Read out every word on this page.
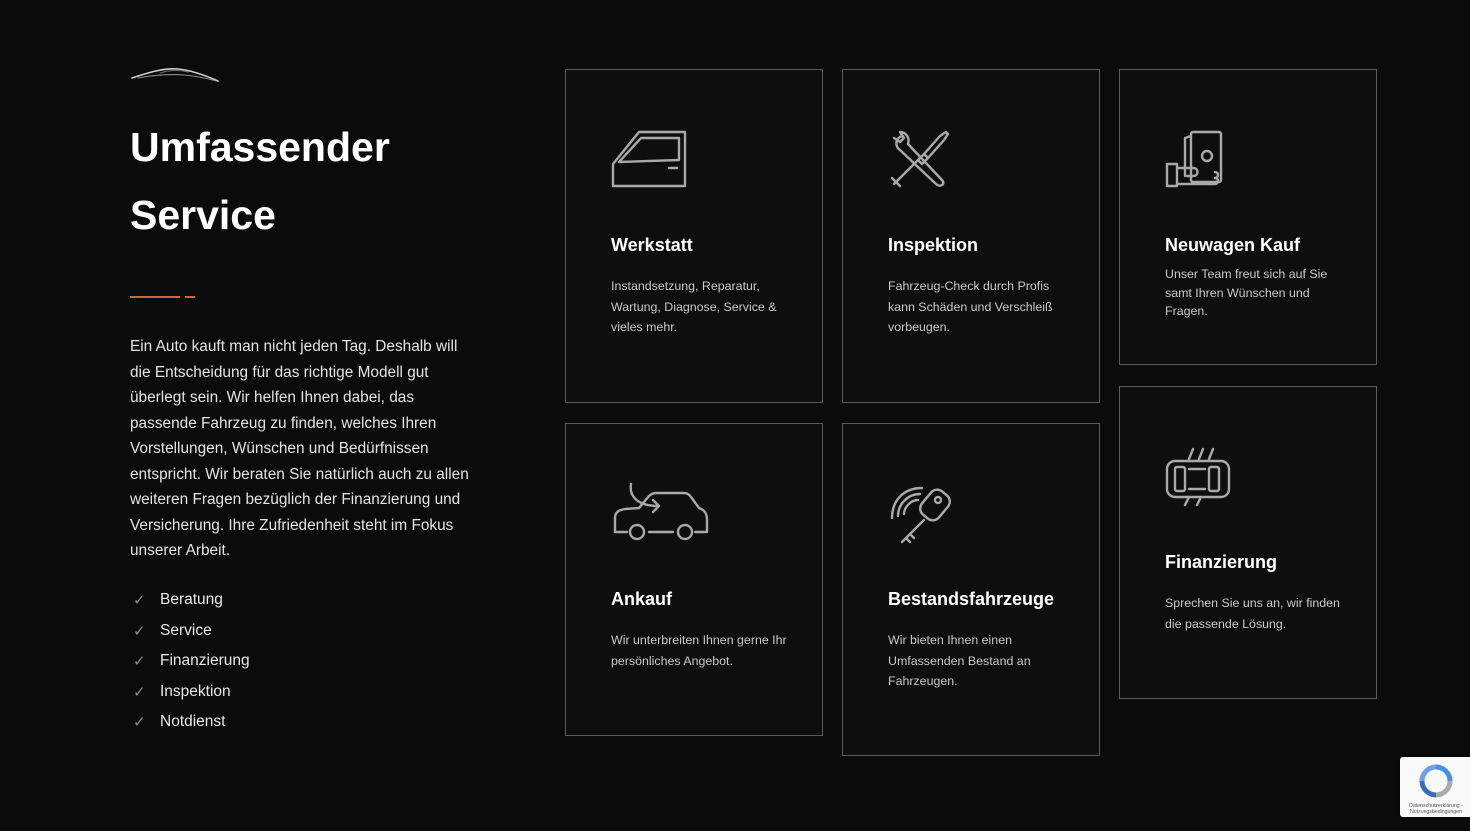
Umfassender
Service

Ein Auto kauft man nicht jeden Tag. Deshalb will die Entscheidung für das richtige Modell gut überlegt sein. Wir helfen Ihnen dabei, das passende Fahrzeug zu finden, welches Ihren Vorstellungen, Wünschen und Bedürfnissen entspricht. Wir beraten Sie natürlich auch zu allen weiteren Fragen bezüglich der Finanzierung und Versicherung. Ihre Zufriedenheit steht im Fokus unserer Arbeit.

✓ Beratung
✓ Service
✓ Finanzierung
✓ Inspektion
✓ Notdienst
Werkstatt

Instandsetzung, Reparatur, Wartung, Diagnose, Service & vieles mehr.

Inspektion

Fahrzeug-Check durch Profis kann Schäden und Verschleiß vorbeugen.

Neuwagen Kauf

Unser Team freut sich auf Sie samt Ihren Wünschen und Fragen.

Ankauf

Wir unterbreiten Ihnen gerne Ihr persönliches Angebot.

Bestandsfahrzeuge

Wir bieten Ihnen einen Umfassenden Bestand an Fahrzeugen.

Finanzierung

Sprechen Sie uns an, wir finden die passende Lösung.

Datenschutzerklärung - Nutzungsbedingungen
